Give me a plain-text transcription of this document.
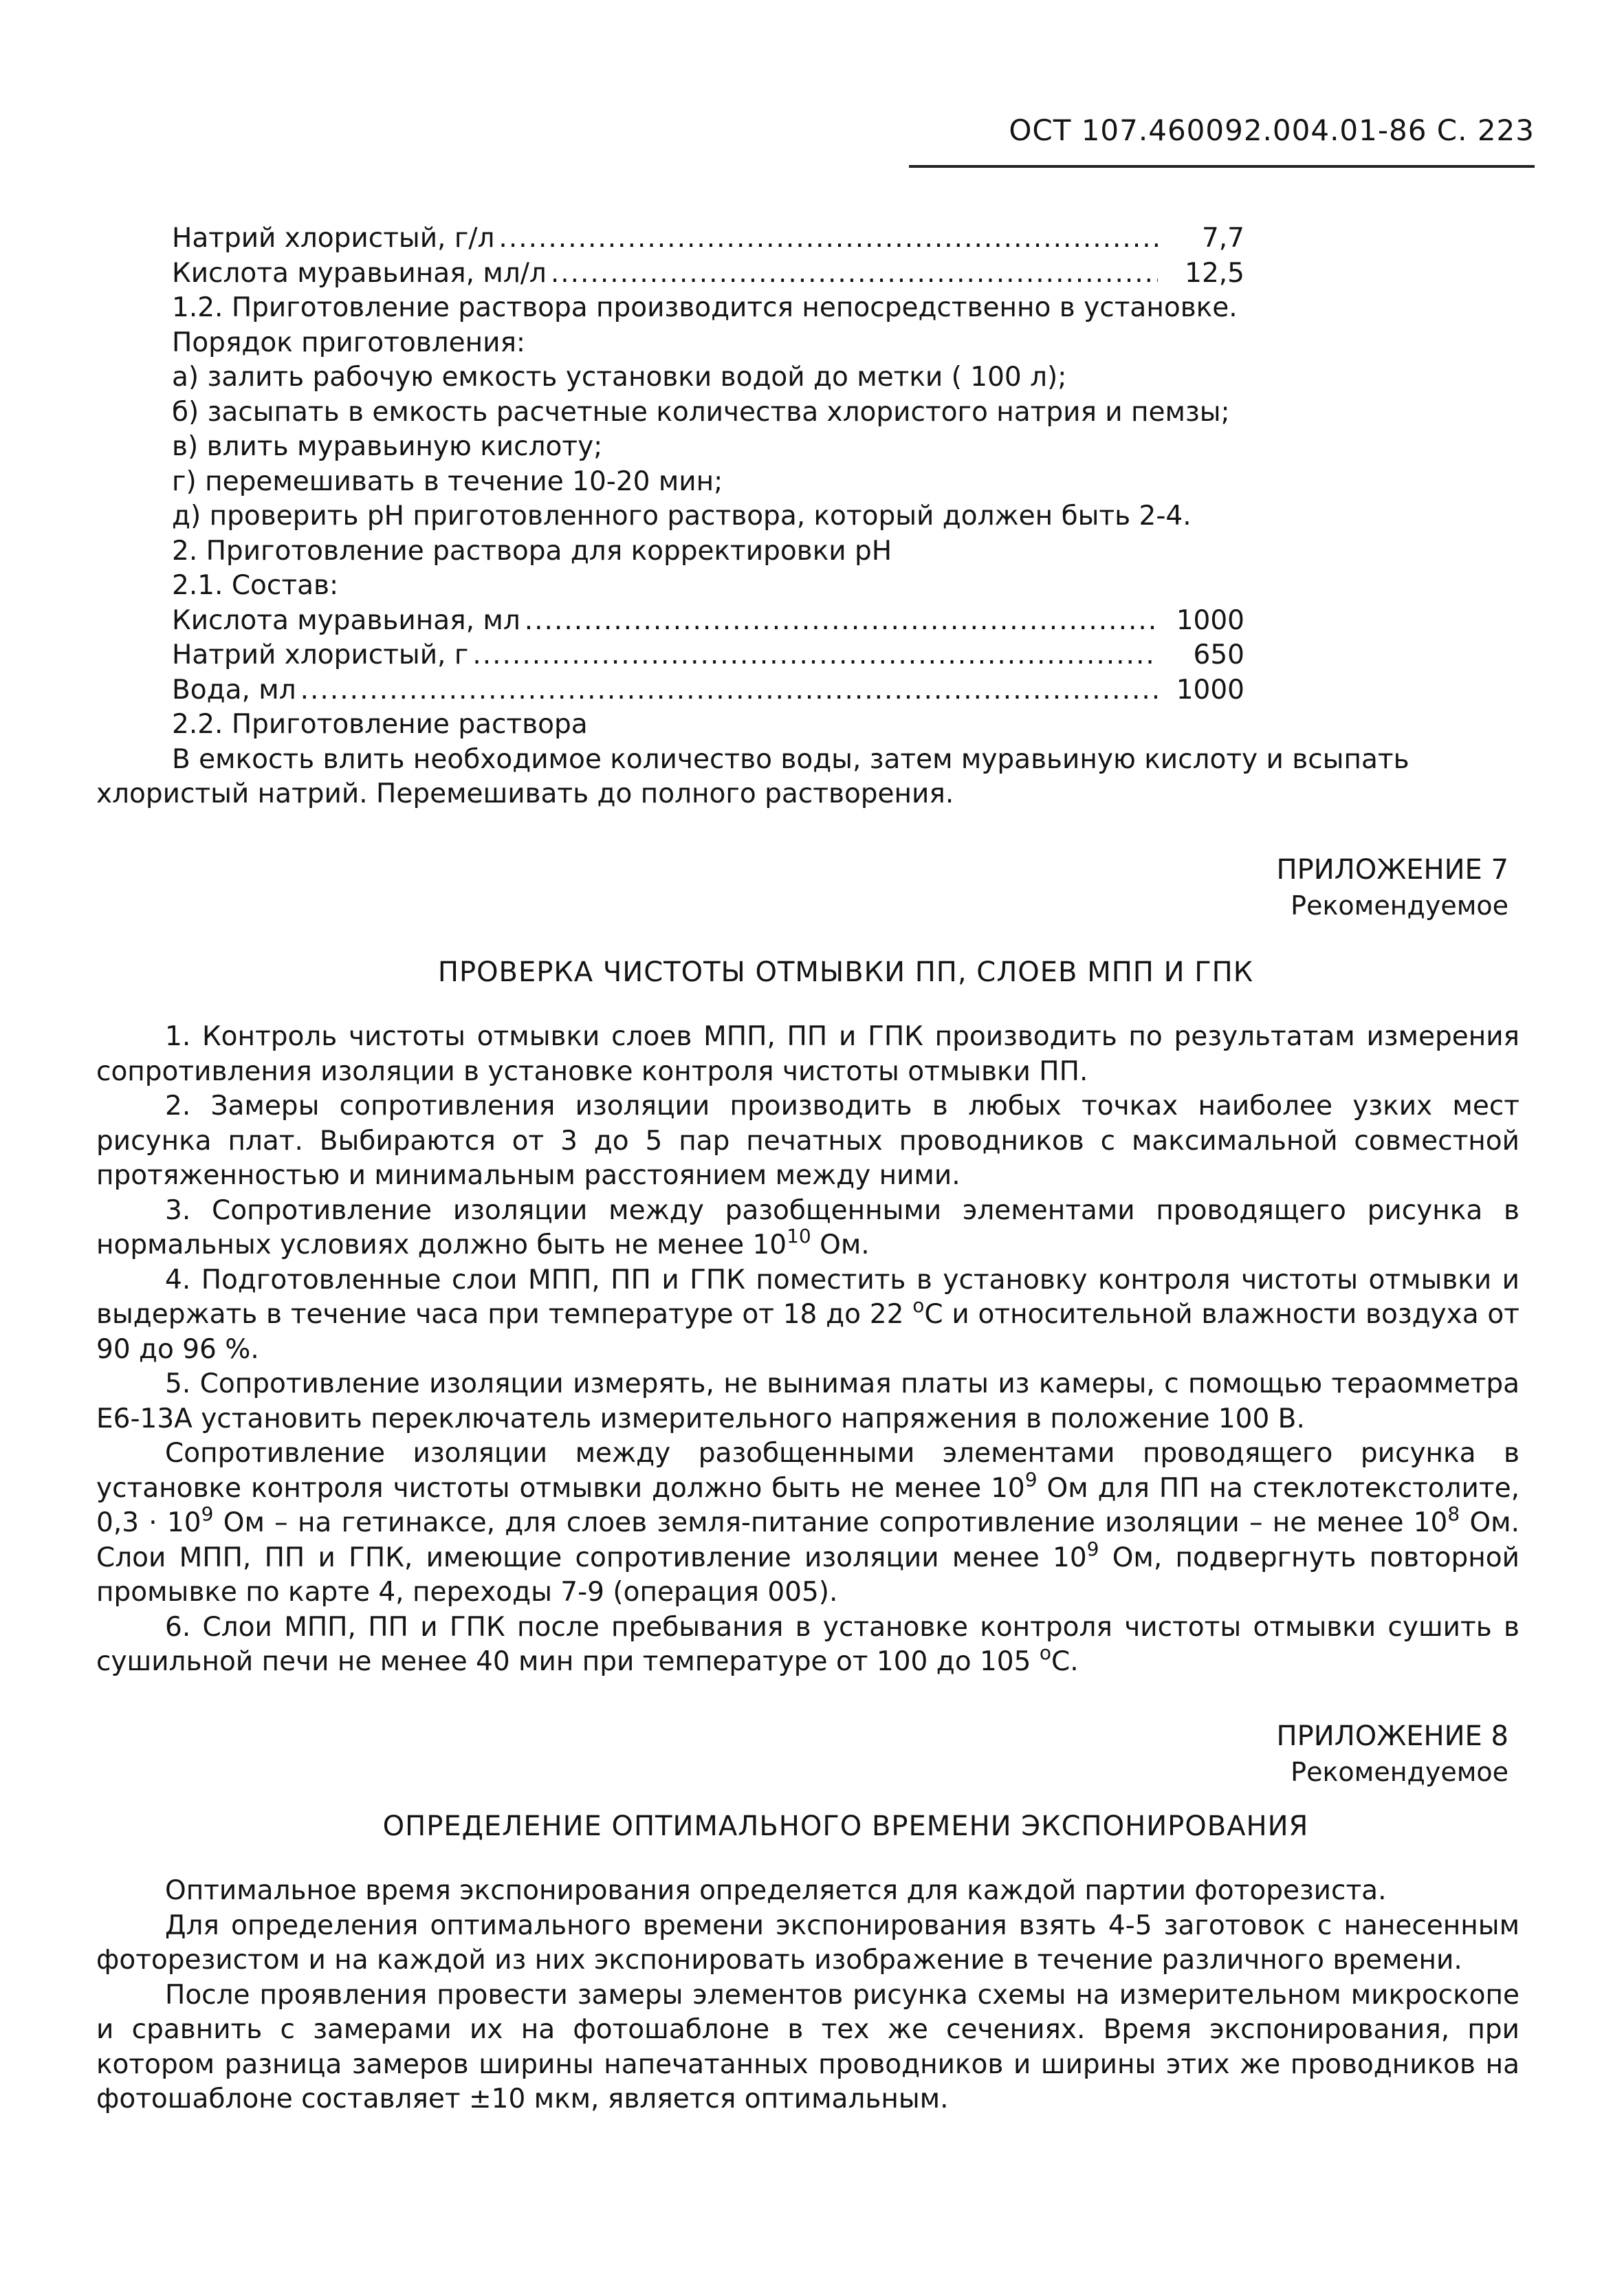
ОСТ 107.460092.004.01-86 С. 223
Натрий хлористый, г/л .....	7,7
Кислота муравьиная, мл/л .....	12,5
1.2. Приготовление раствора производится непосредственно в установке.
Порядок приготовления:
а) залить рабочую емкость установки водой до метки ( 100 л);
б) засыпать в емкость расчетные количества хлористого натрия и пемзы;
в) влить муравьиную кислоту;
г) перемешивать в течение 10-20 мин;
д) проверить pH приготовленного раствора, который должен быть 2-4.
2. Приготовление раствора для корректировки pH
2.1. Состав:
Кислота муравьиная, мл .....	1000
Натрий хлористый, г .....	650
Вода, мл .....	1000
2.2. Приготовление раствора
В емкость влить необходимое количество воды, затем муравьиную кислоту и всыпать
хлористый натрий. Перемешивать до полного растворения.
ПРИЛОЖЕНИЕ 7
Рекомендуемое
ПРОВЕРКА ЧИСТОТЫ ОТМЫВКИ ПП, СЛОЕВ МПП И ГПК
1. Контроль чистоты отмывки слоев МПП, ПП и ГПК производить по результатам измерения сопротивления изоляции в установке контроля чистоты отмывки ПП.
2. Замеры сопротивления изоляции производить в любых точках наиболее узких мест рисунка плат. Выбираются от 3 до 5 пар печатных проводников с максимальной совместной протяженностью и минимальным расстоянием между ними.
3. Сопротивление изоляции между разобщенными элементами проводящего рисунка в нормальных условиях должно быть не менее $10^{10}$ Ом.
4. Подготовленные слои МПП, ПП и ГПК поместить в установку контроля чистоты отмывки и выдержать в течение часа при температуре от 18 до 22 $^o$С и относительной влажности воздуха от 90 до 96 %.
5. Сопротивление изоляции измерять, не вынимая платы из камеры, с помощью тераомметра Е6-13А установить переключатель измерительного напряжения в положение 100 В.
Сопротивление изоляции между разобщенными элементами проводящего рисунка в установке контроля чистоты отмывки должно быть не менее $10^9$ Ом для ПП на стеклотекстолите, $0,3 \cdot 10^9$ Ом – на гетинаксе, для слоев земля-питание сопротивление изоляции – не менее $10^8$ Ом. Слои МПП, ПП и ГПК, имеющие сопротивление изоляции менее $10^9$ Ом, подвергнуть повторной промывке по карте 4, переходы 7-9 (операция 005).
6. Слои МПП, ПП и ГПК после пребывания в установке контроля чистоты отмывки сушить в сушильной печи не менее 40 мин при температуре от 100 до 105 $^o$С.
ПРИЛОЖЕНИЕ 8
Рекомендуемое
ОПРЕДЕЛЕНИЕ ОПТИМАЛЬНОГО ВРЕМЕНИ ЭКСПОНИРОВАНИЯ
Оптимальное время экспонирования определяется для каждой партии фоторезиста.
Для определения оптимального времени экспонирования взять 4-5 заготовок с нанесенным фоторезистом и на каждой из них экспонировать изображение в течение различного времени.
После проявления провести замеры элементов рисунка схемы на измерительном микроскопе и сравнить с замерами их на фотошаблоне в тех же сечениях. Время экспонирования, при котором разница замеров ширины напечатанных проводников и ширины этих же проводников на фотошаблоне составляет ±10 мкм, является оптимальным.
